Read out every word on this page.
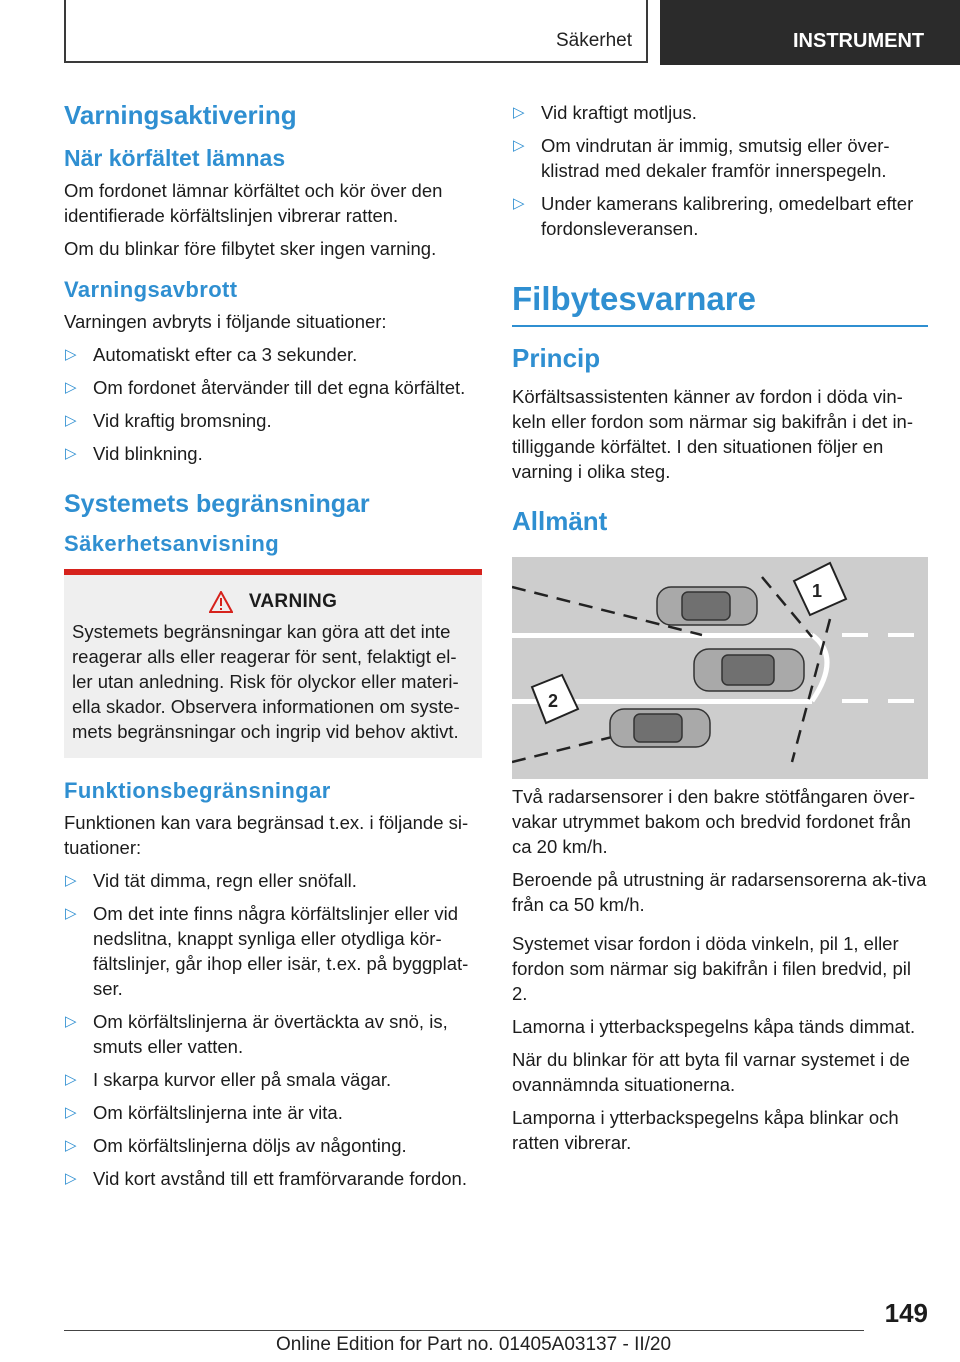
Säkerhet	INSTRUMENT
Varningsaktivering
När körfältet lämnas

Om fordonet lämnar körfältet och kör över den identifierade körfältslinjen vibrerar ratten.

Om du blinkar före filbytet sker ingen varning.

Varningsavbrott

Varningen avbryts i följande situationer:

▷ Automatiskt efter ca 3 sekunder.
▷ Om fordonet återvänder till det egna körfältet.
▷ Vid kraftig bromsning.
▷ Vid blinkning.
Systemets begränsningar
Säkerhetsanvisning
VARNING

Systemets begränsningar kan göra att det inte reagerar alls eller reagerar för sent, felaktigt el-ler utan anledning. Risk för olyckor eller materi-ella skador. Observera informationen om syste-mets begränsningar och ingrip vid behov aktivt.

Funktionsbegränsningar

Funktionen kan vara begränsad t.ex. i följande si-tuationer:

▷ Vid tät dimma, regn eller snöfall.
▷ Om det inte finns några körfältslinjer eller vid nedslitna, knappt synliga eller otydliga kör-fältslinjer, går ihop eller isär, t.ex. på byggplat-ser.
▷ Om körfältslinjerna är övertäckta av snö, is, smuts eller vatten.
▷ I skarpa kurvor eller på smala vägar.
▷ Om körfältslinjerna inte är vita.
▷ Om körfältslinjerna döljs av någonting.
▷ Vid kort avstånd till ett framförvarande fordon.
▷ Vid kraftigt motljus.
▷ Om vindrutan är immig, smutsig eller över-klistrad med dekaler framför innerspegeln.
▷ Under kamerans kalibrering, omedelbart efter fordonsleveransen.
Filbytesvarnare
Princip

Körfältsassistenten känner av fordon i döda vin-keln eller fordon som närmar sig bakifrån i det in-tilliggande körfältet. I den situationen följer en varning i olika steg.

Allmänt
1
2

Två radarsensorer i den bakre stötfångaren över-vakar utrymmet bakom och bredvid fordonet från ca 20 km/h.

Beroende på utrustning är radarsensorerna ak-tiva från ca 50 km/h.

Systemet visar fordon i döda vinkeln, pil 1, eller fordon som närmar sig bakifrån i filen bredvid, pil 2.

Lamorna i ytterbackspegelns kåpa tänds dimmat.

När du blinkar för att byta fil varnar systemet i de ovannämnda situationerna.

Lamporna i ytterbackspegelns kåpa blinkar och ratten vibrerar.

149
Online Edition for Part no. 01405A03137 - II/20
